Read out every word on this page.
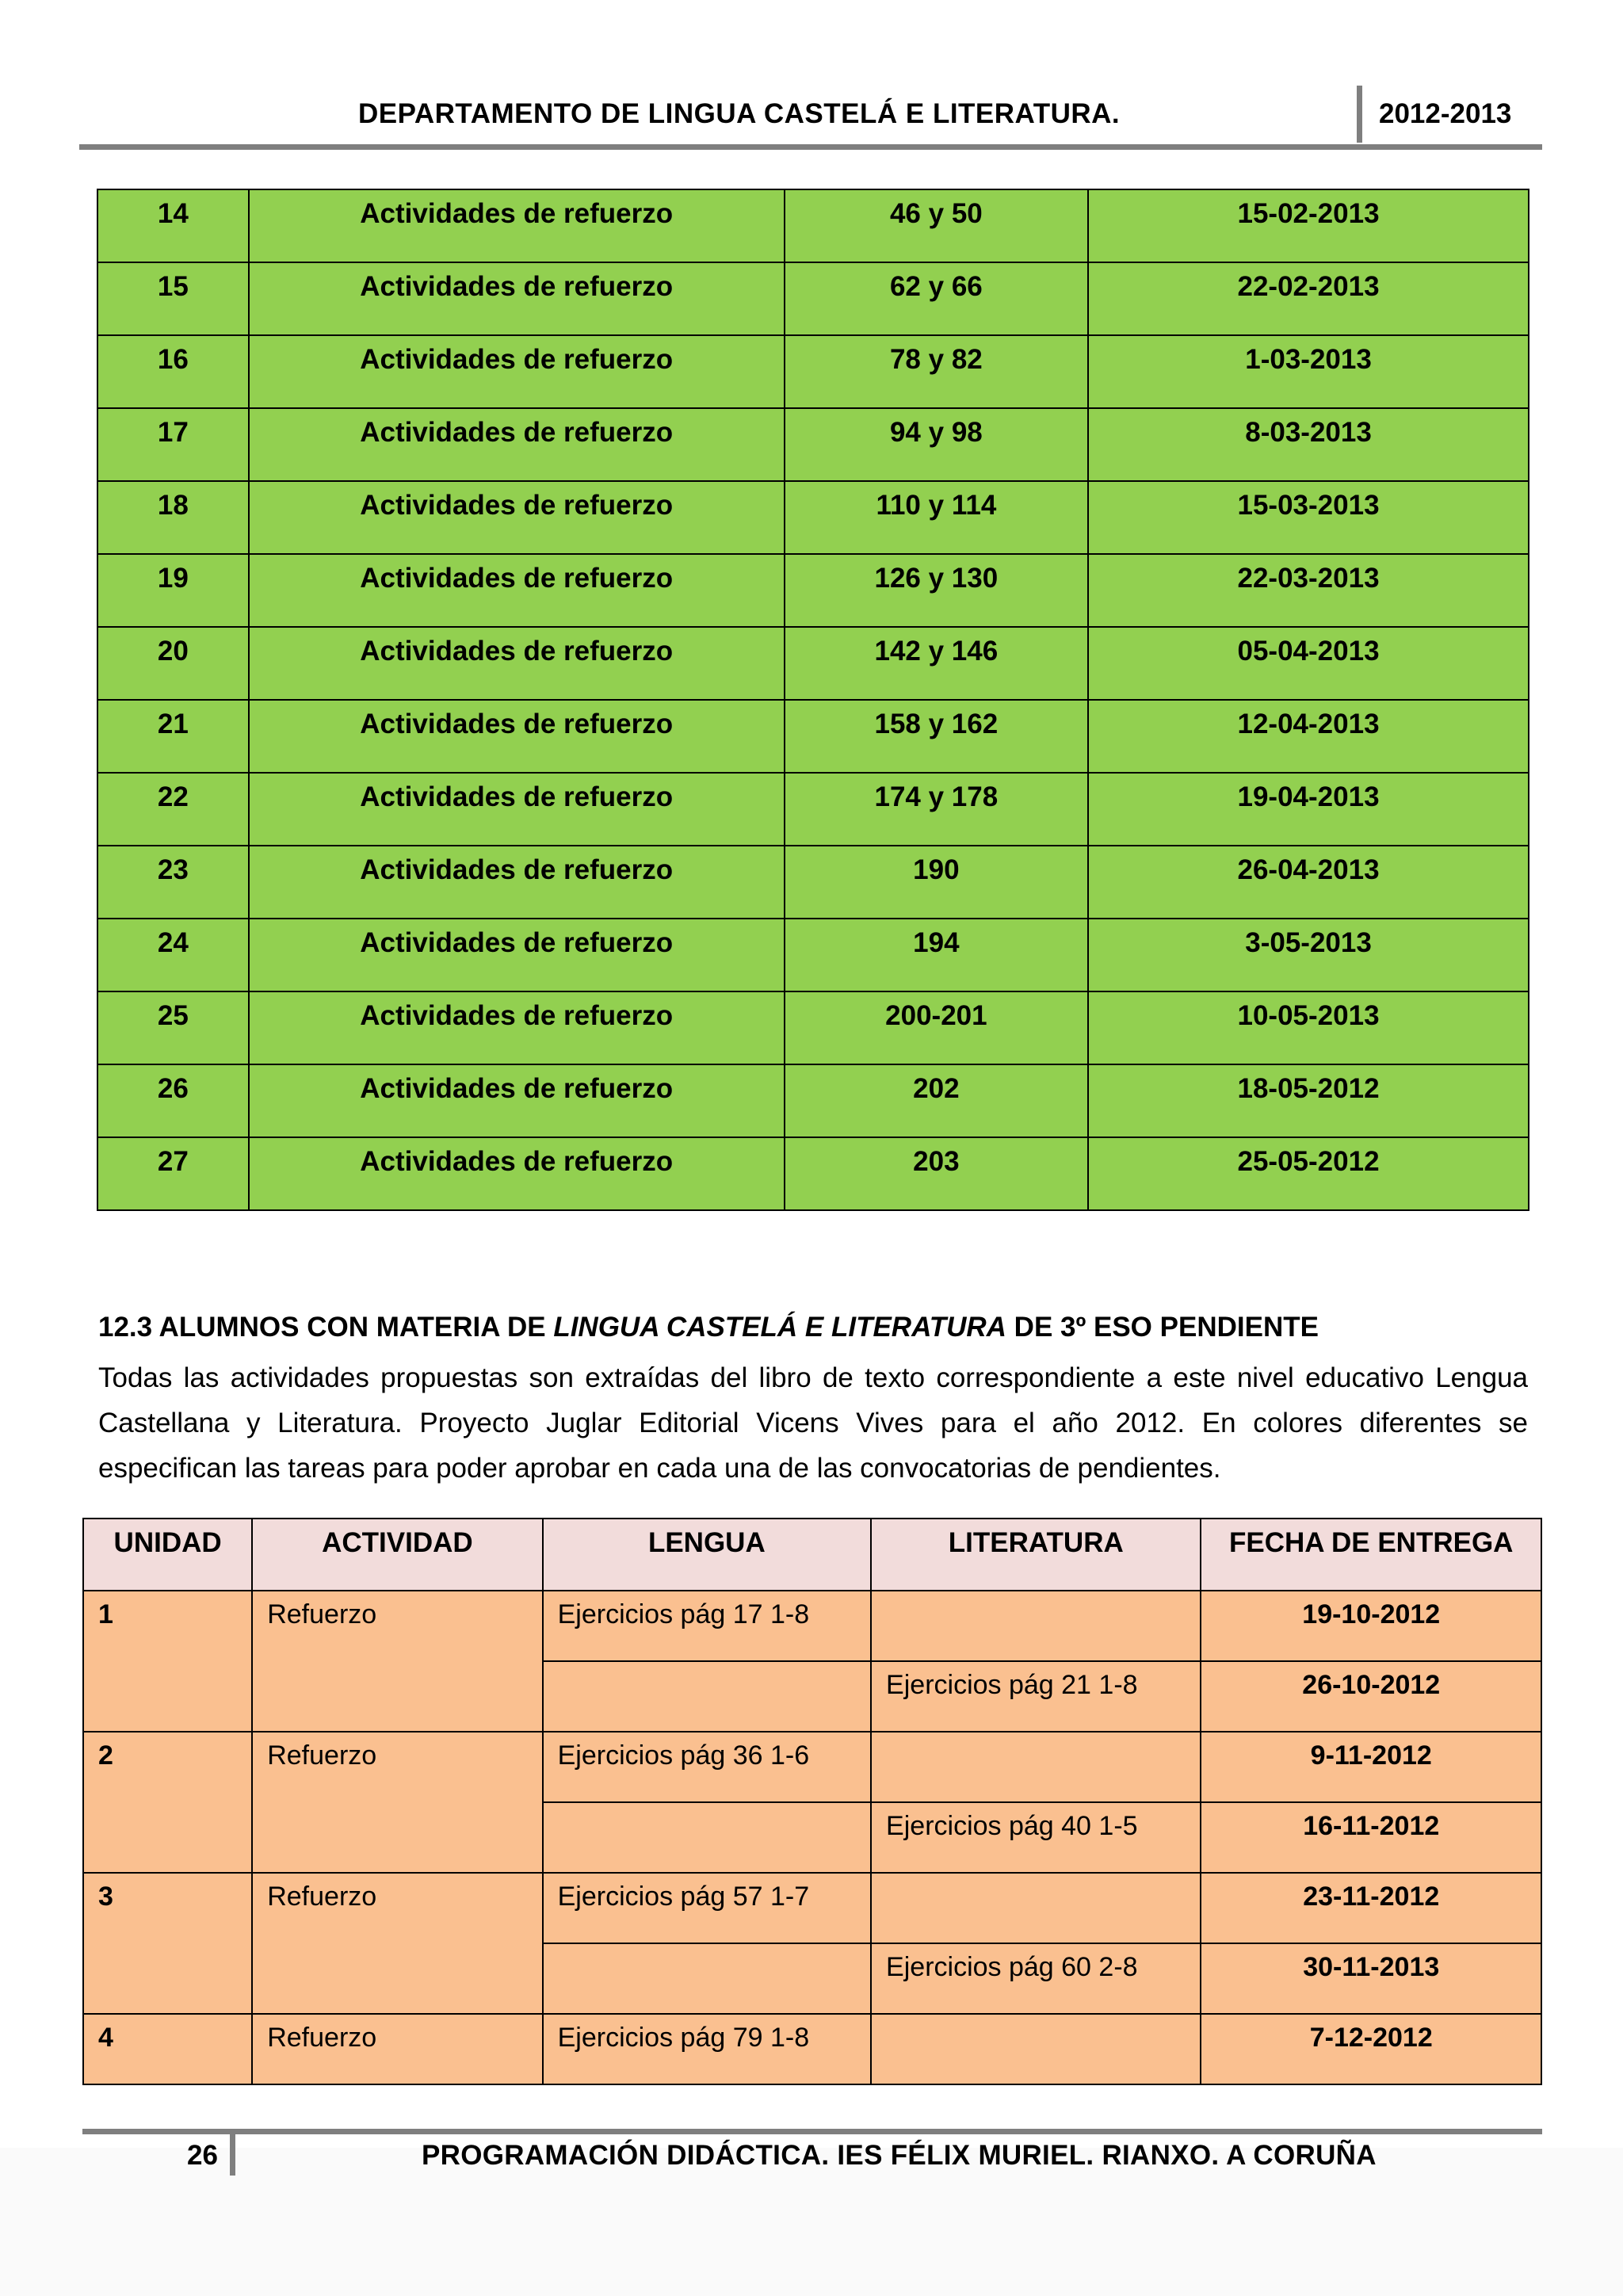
DEPARTAMENTO DE LINGUA CASTELÁ E LITERATURA.	2012-2013
14	Actividades de refuerzo	46 y 50	15-02-2013

15	Actividades de refuerzo	62 y 66	22-02-2013

16	Actividades de refuerzo	78 y 82	1-03-2013

17	Actividades de refuerzo	94 y 98	8-03-2013

18	Actividades de refuerzo	110 y 114	15-03-2013

19	Actividades de refuerzo	126 y 130	22-03-2013

20	Actividades de refuerzo	142 y 146	05-04-2013

21	Actividades de refuerzo	158 y 162	12-04-2013

22	Actividades de refuerzo	174 y 178	19-04-2013

23	Actividades de refuerzo	190	26-04-2013

24	Actividades de refuerzo	194	3-05-2013

25	Actividades de refuerzo	200-201	10-05-2013

26	Actividades de refuerzo	202	18-05-2012

27	Actividades de refuerzo	203	25-05-2012
12.3 ALUMNOS CON MATERIA DE LINGUA CASTELÁ E LITERATURA DE 3º ESO PENDIENTE
Todas las actividades propuestas son extraídas del libro de texto correspondiente a este nivel educativo Lengua Castellana y Literatura. Proyecto Juglar Editorial Vicens Vives para el año 2012. En colores diferentes se especifican las tareas para poder aprobar en cada una de las convocatorias de pendientes.
UNIDAD	ACTIVIDAD	LENGUA	LITERATURA	FECHA DE ENTREGA

1	Refuerzo	Ejercicios pág 17 1-8		19-10-2012

			Ejercicios pág 21 1-8	26-10-2012

2	Refuerzo	Ejercicios pág 36 1-6		9-11-2012

			Ejercicios pág 40 1-5	16-11-2012

3	Refuerzo	Ejercicios pág 57 1-7		23-11-2012

			Ejercicios pág 60 2-8	30-11-2013

4	Refuerzo	Ejercicios pág 79 1-8		7-12-2012
26	PROGRAMACIÓN DIDÁCTICA. IES FÉLIX MURIEL. RIANXO. A CORUÑA
